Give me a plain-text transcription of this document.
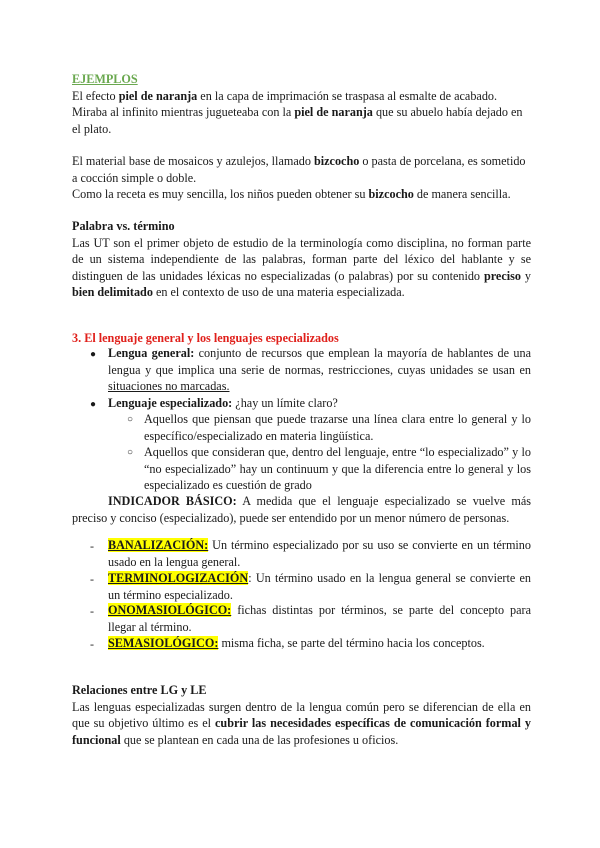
EJEMPLOS
El efecto piel de naranja en la capa de imprimación se traspasa al esmalte de acabado.
Miraba al infinito mientras jugueteaba con la piel de naranja que su abuelo había dejado en
el plato.
El material base de mosaicos y azulejos, llamado bizcocho o pasta de porcelana, es sometido
a cocción simple o doble.
Como la receta es muy sencilla, los niños pueden obtener su bizcocho de manera sencilla.
Palabra vs. término
Las UT son el primer objeto de estudio de la terminología como disciplina, no forman parte
de un sistema independiente de las palabras, forman parte del léxico del hablante y se
distinguen de las unidades léxicas no especializadas (o palabras) por su contenido preciso y
bien delimitado en el contexto de uso de una materia especializada.
3. El lenguaje general y los lenguajes especializados
● Lengua general: conjunto de recursos que emplean la mayoría de hablantes de una
lengua y que implica una serie de normas, restricciones, cuyas unidades se usan en
situaciones no marcadas.
● Lenguaje especializado: ¿hay un límite claro?
○ Aquellos que piensan que puede trazarse una línea clara entre lo general y lo
específico/especializado en materia lingüística.
○ Aquellos que consideran que, dentro del lenguaje, entre “lo especializado” y lo
“no especializado” hay un continuum y que la diferencia entre lo general y los
especializado es cuestión de grado
INDICADOR BÁSICO: A medida que el lenguaje especializado se vuelve más
preciso y conciso (especializado), puede ser entendido por un menor número de personas.
- BANALIZACIÓN: Un término especializado por su uso se convierte en un término
usado en la lengua general.
- TERMINOLOGIZACIÓN: Un término usado en la lengua general se convierte en
un término especializado.
- ONOMASIOLÓGICO: fichas distintas por términos, se parte del concepto para
llegar al término.
- SEMASIOLÓGICO: misma ficha, se parte del término hacia los conceptos.
Relaciones entre LG y LE
Las lenguas especializadas surgen dentro de la lengua común pero se diferencian de ella en
que su objetivo último es el cubrir las necesidades específicas de comunicación formal y
funcional que se plantean en cada una de las profesiones u oficios.
